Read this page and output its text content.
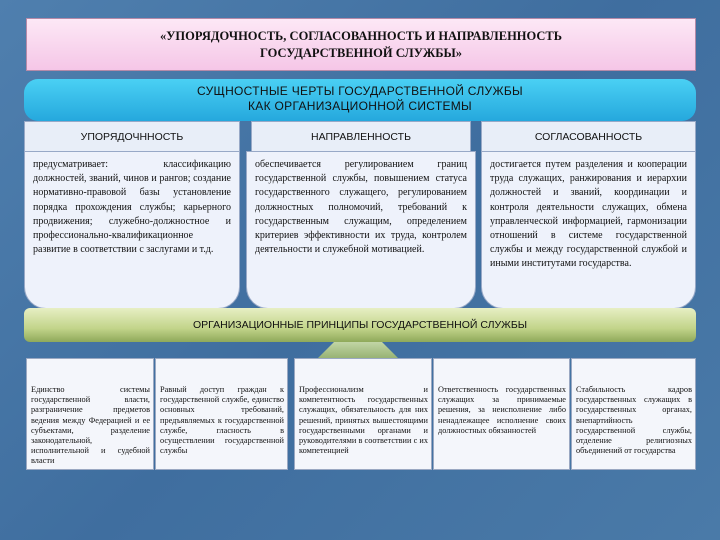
«УПОРЯДОЧНОСТЬ, СОГЛАСОВАННОСТЬ И НАПРАВЛЕННОСТЬ
ГОСУДАРСТВЕННОЙ СЛУЖБЫ»
СУЩНОСТНЫЕ ЧЕРТЫ ГОСУДАРСТВЕННОЙ СЛУЖБЫ
КАК ОРГАНИЗАЦИОННОЙ СИСТЕМЫ
УПОРЯДОЧННОСТЬ	НАПРАВЛЕННОСТЬ	СОГЛАСОВАННОСТЬ
предусматривает: классификацию должностей, званий, чинов и рангов; создание нормативно-правовой базы установление порядка прохождения службы; карьерного продвижения; служебно-должностное и профессионально-квалификационное развитие в соответствии с заслугами и т.д.
обеспечивается регулированием границ государственной службы, повышением статуса государственного служащего, регулированием должностных полномочий, требований к государственным служащим, определением критериев эффективности их труда, контролем деятельности и служебной мотивацией.
достигается путем разделения и кооперации труда служащих, ранжирования и иерархии должностей и званий, координации и контроля деятельности служащих, обмена управленческой информацией, гармонизации отношений в системе государственной службы и между государственной службой и иными институтами государства.
ОРГАНИЗАЦИОННЫЕ ПРИНЦИПЫ ГОСУДАРСТВЕННОЙ СЛУЖБЫ
Единство системы государственной власти, разграничение предметов ведения между Федерацией и ее субъектами, разделение законодательной, исполнительной и судебной власти
Равный доступ граждан к государственной службе, единство основных требований, предъявляемых к государственной службе, гласность в осуществлении государственной службы
Профессионализм и компетентность государственных служащих, обязательность для них решений, принятых вышестоящими государственными органами и руководителями в соответствии с их компетенцией
Ответственность государственных служащих за принимаемые решения, за неисполнение либо ненадлежащее исполнение своих должностных обязанностей
Стабильность кадров государственных служащих в государственных органах, внепартийность государственной службы, отделение религиозных объединений от государства
